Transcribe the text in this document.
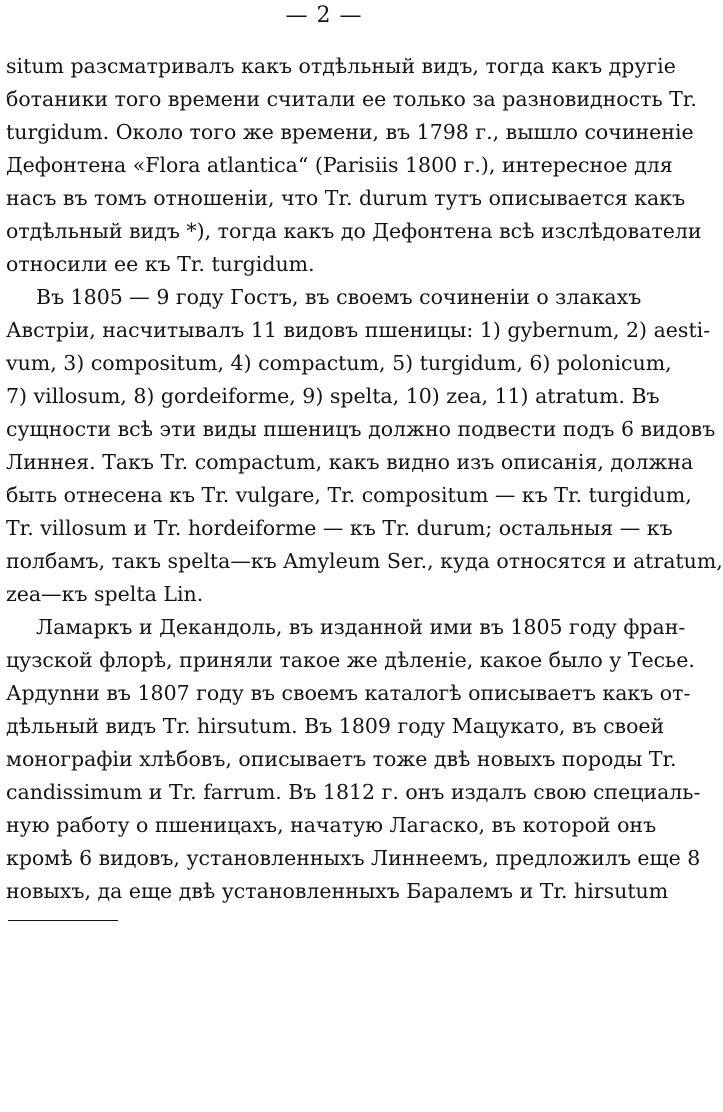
— 2 —
situm разсматривалъ какъ отдѣльный видъ, тогда какъ другіе
ботаники того времени считали ее только за разновидность Tr.
turgidum. Около того же времени, въ 1798 г., вышло сочиненіе
Дефонтена «Flora atlantica“ (Parisiis 1800 г.), интересное для
насъ въ томъ отношеніи, что Tr. durum тутъ описывается какъ
отдѣльный видъ *), тогда какъ до Дефонтена всѣ изслѣдователи
относили ее къ Tr. turgidum.
Въ 1805 — 9 году Гостъ, въ своемъ сочиненіи о злакахъ
Австріи, насчитывалъ 11 видовъ пшеницы: 1) gybernum, 2) aesti-
vum, 3) compositum, 4) compactum, 5) turgidum, 6) polonicum,
7) villosum, 8) gordeiforme, 9) spelta, 10) zea, 11) atratum. Въ
сущности всѣ эти виды пшеницъ должно подвести подъ 6 видовъ
Линнея. Такъ Tr. compactum, какъ видно изъ описанія, должна
быть отнесена къ Tr. vulgare, Tr. compositum — къ Tr. turgidum,
Tr. villosum и Tr. hordeiforme — къ Tr. durum; остальныя — къ
полбамъ, такъ spelta—къ Amyleum Ser., куда относятся и atratum,
zea—къ spelta Lin.
Ламаркъ и Декандоль, въ изданной ими въ 1805 году фран-
цузской флорѣ, приняли такое же дѣленіе, какое было у Тесье.
Ардуnни въ 1807 году въ своемъ каталогѣ описываетъ какъ от-
дѣльный видъ Tr. hirsutum. Въ 1809 году Мацукато, въ своей
монографіи хлѣбовъ, описываетъ тоже двѣ новыхъ породы Tr.
candissimum и Tr. farrum. Въ 1812 г. онъ издалъ свою специаль-
ную работу о пшеницахъ, начатую Лагаско, въ которой онъ
кромѣ 6 видовъ, установленныхъ Линнеемъ, предложилъ еще 8
новыхъ, да еще двѣ установленныхъ Баралемъ и Tr. hirsutum
